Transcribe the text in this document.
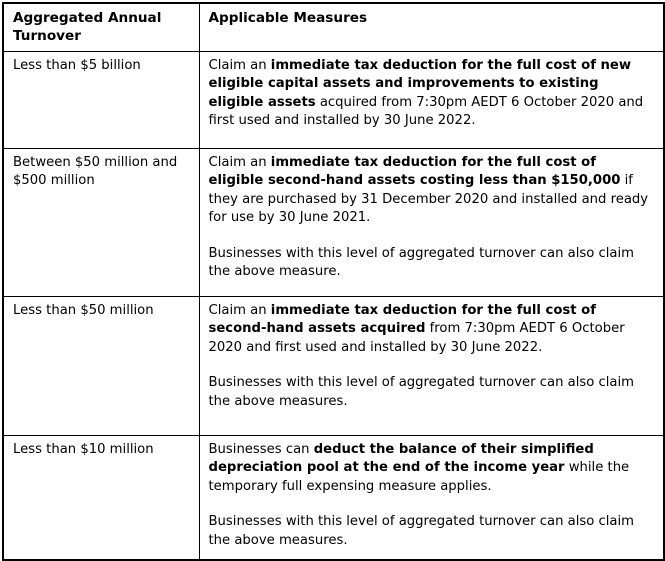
Aggregated Annual Turnover	Applicable Measures
Less than $5 billion	Claim an immediate tax deduction for the full cost of new eligible capital assets and improvements to existing eligible assets acquired from 7:30pm AEDT 6 October 2020 and first used and installed by 30 June 2022.

Between $50 million and $500 million	Claim an immediate tax deduction for the full cost of eligible second-hand assets costing less than $150,000 if they are purchased by 31 December 2020 and installed and ready for use by 30 June 2021.

Businesses with this level of aggregated turnover can also claim the above measure.

Less than $50 million	Claim an immediate tax deduction for the full cost of second-hand assets acquired from 7:30pm AEDT 6 October 2020 and first used and installed by 30 June 2022.

Businesses with this level of aggregated turnover can also claim the above measures.

Less than $10 million	Businesses can deduct the balance of their simplified depreciation pool at the end of the income year while the temporary full expensing measure applies.

Businesses with this level of aggregated turnover can also claim the above measures.
